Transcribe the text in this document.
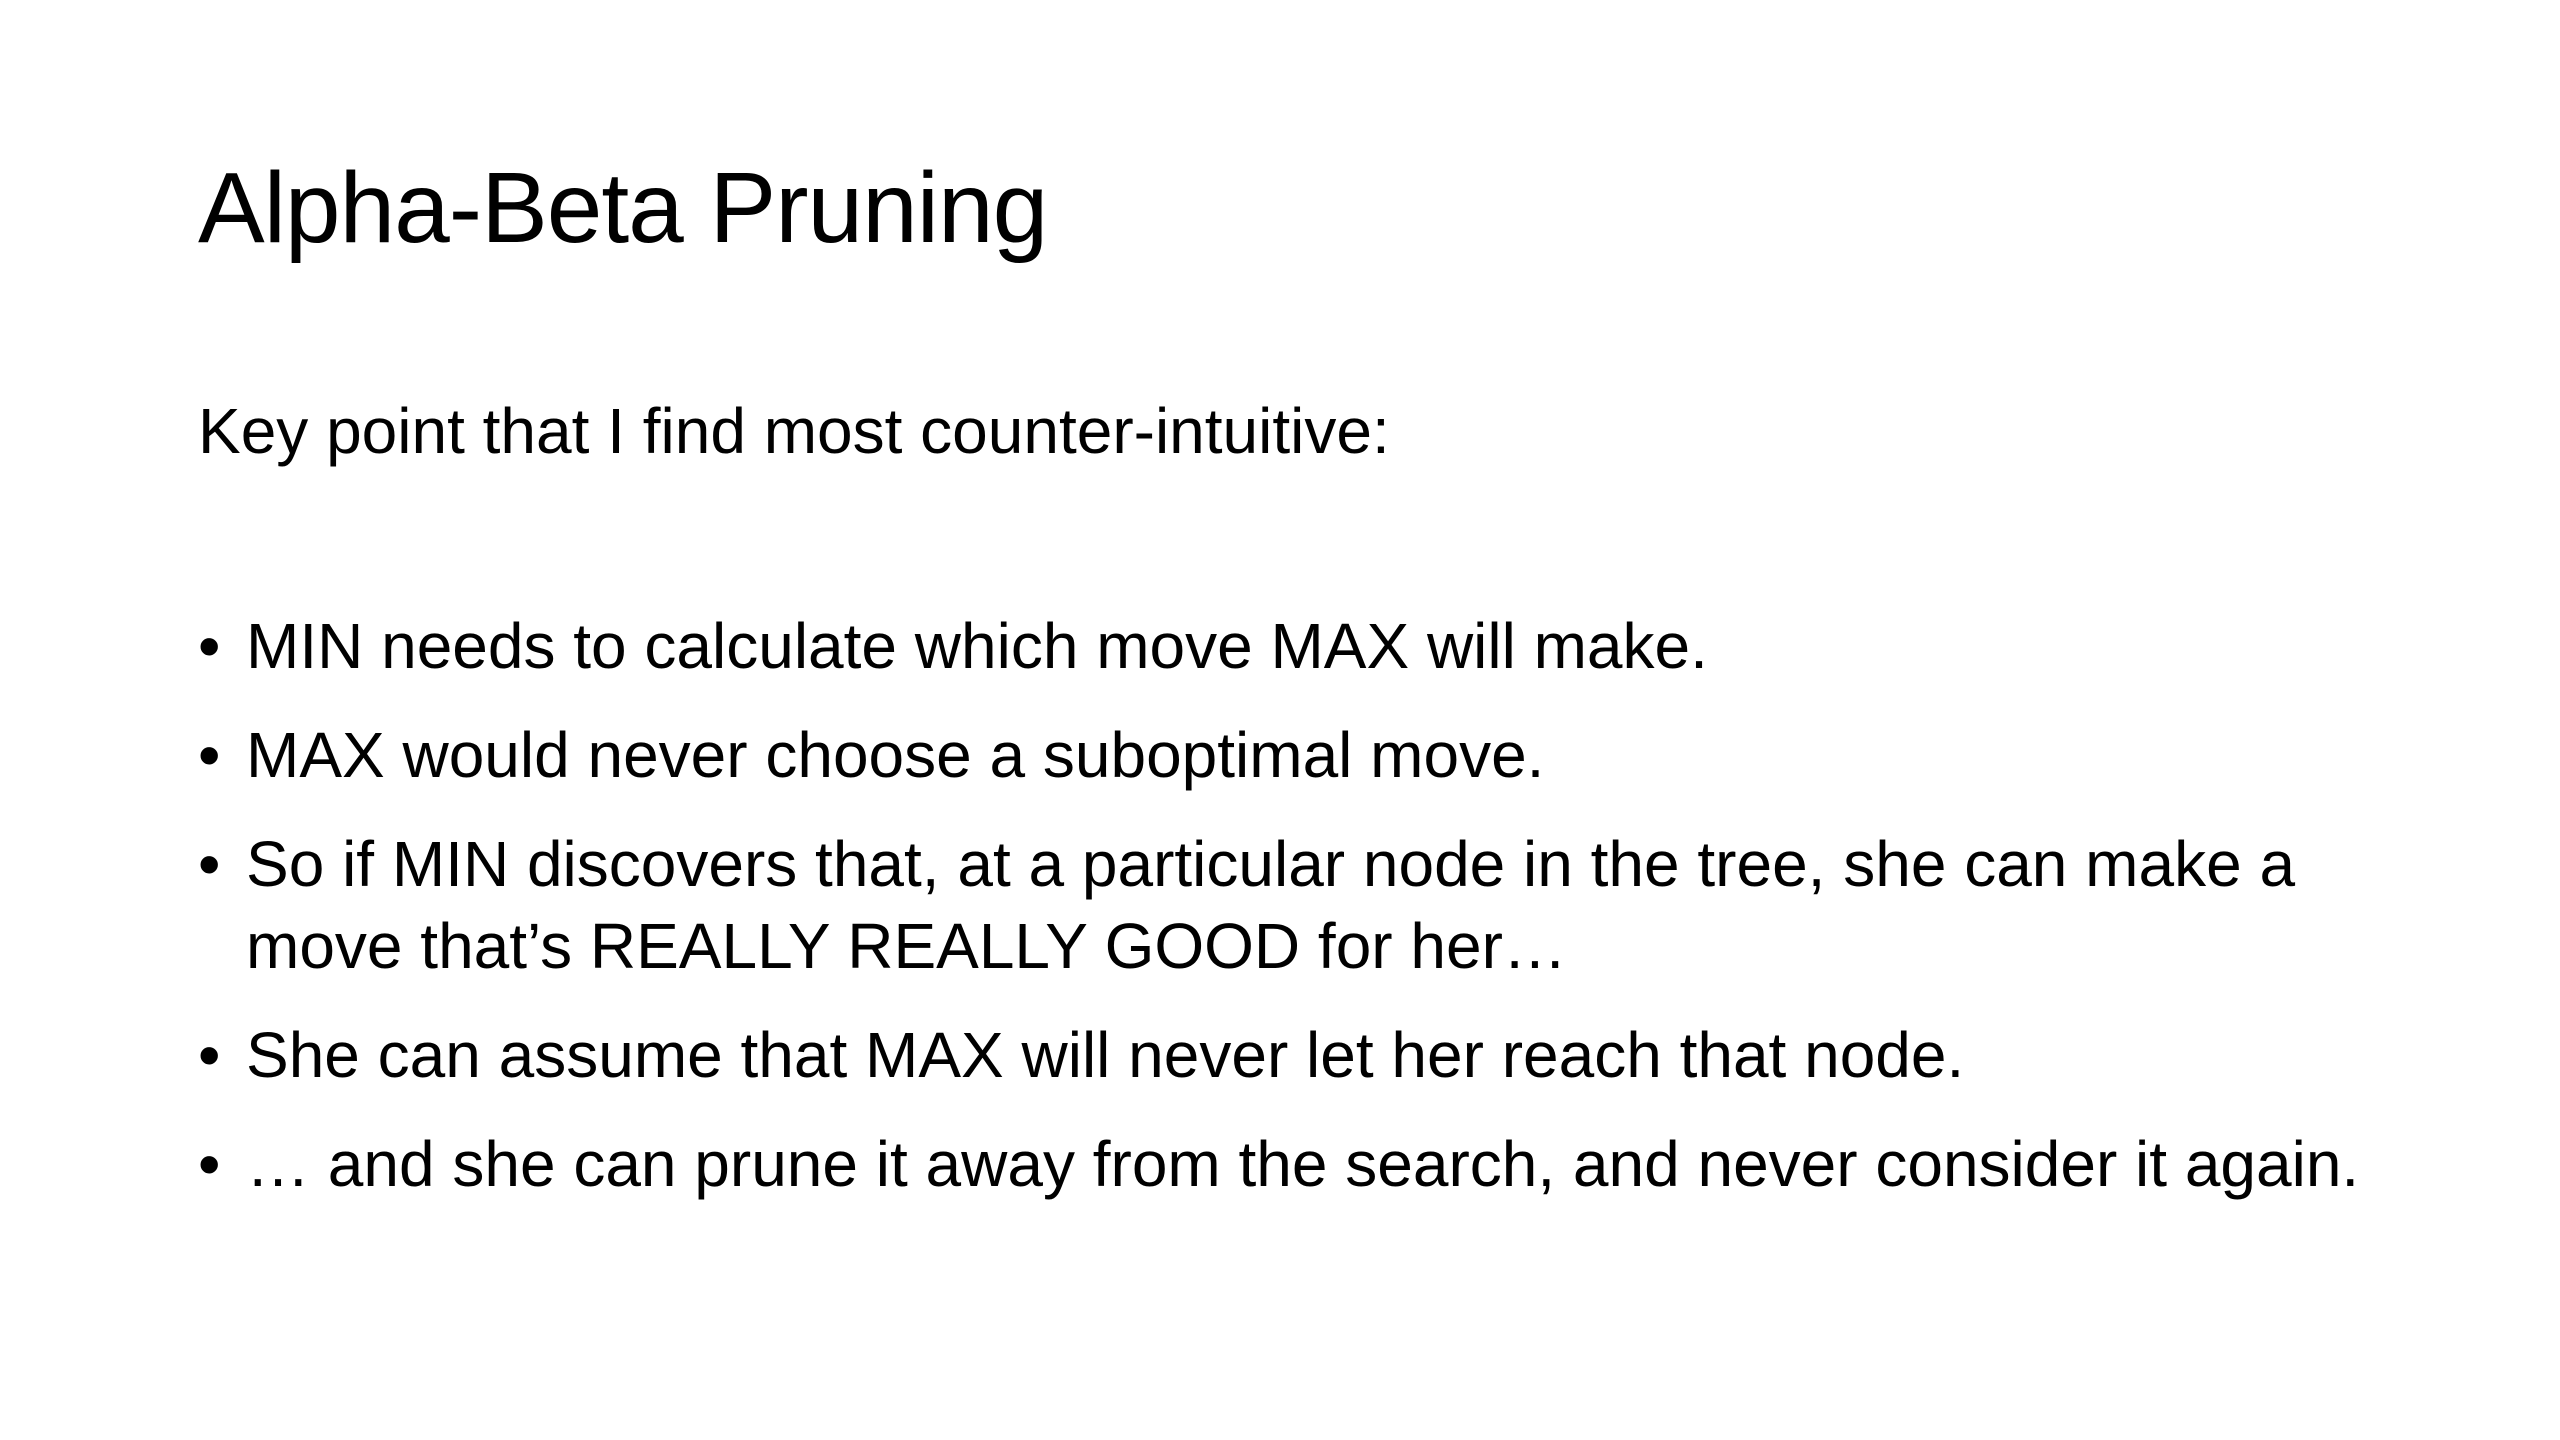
Alpha-Beta Pruning

Key point that I find most counter-intuitive:

• MIN needs to calculate which move MAX will make.
• MAX would never choose a suboptimal move.
• So if MIN discovers that, at a particular node in the tree, she can make a move that’s REALLY REALLY GOOD for her…
• She can assume that MAX will never let her reach that node.
• … and she can prune it away from the search, and never consider it again.
